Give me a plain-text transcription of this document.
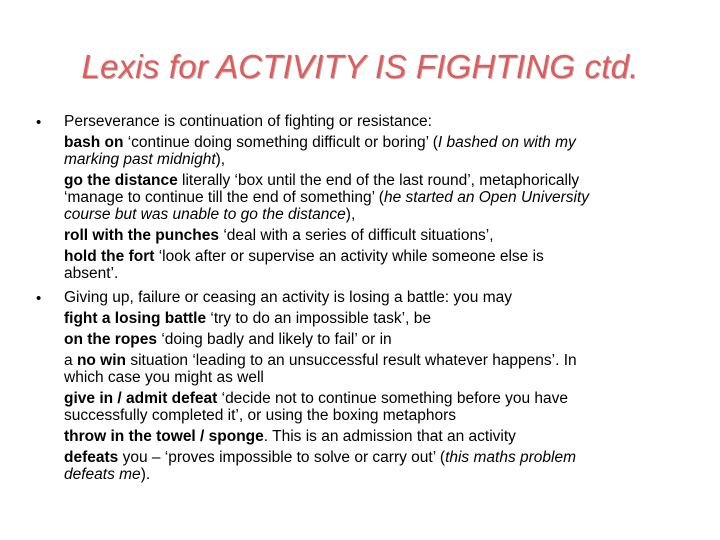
Lexis for ACTIVITY IS FIGHTING ctd.
•
•
Perseverance is continuation of fighting or resistance:
bash on ‘continue doing something difficult or boring’ (I bashed on with my
marking past midnight),
go the distance literally ‘box until the end of the last round’, metaphorically
‘manage to continue till the end of something’ (he started an Open University
course but was unable to go the distance),
roll with the punches ‘deal with a series of difficult situations’,
hold the fort ‘look after or supervise an activity while someone else is
absent’.
Giving up, failure or ceasing an activity is losing a battle: you may
fight a losing battle ‘try to do an impossible task’, be
on the ropes ‘doing badly and likely to fail’ or in
a no win situation ‘leading to an unsuccessful result whatever happens’. In
which case you might as well
give in / admit defeat ‘decide not to continue something before you have
successfully completed it’, or using the boxing metaphors
throw in the towel / sponge. This is an admission that an activity
defeats you – ‘proves impossible to solve or carry out’ (this maths problem
defeats me).
